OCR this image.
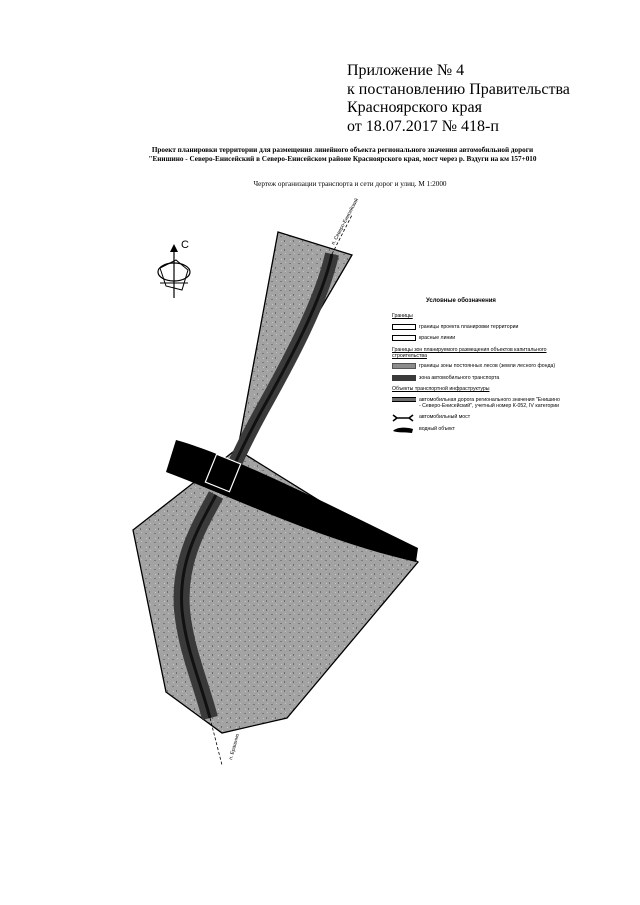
Приложение № 4
к постановлению Правительства
Красноярского края
от 18.07.2017 № 418-п
Проект планировки территории для размещения линейного объекта регионального значения автомобильной дороги
"Енишино - Северо-Енисейский в Северо-Енисейском районе Красноярского края, мост через р. Вздуги на км 157+010
Чертеж организации транспорта и сети дорог и улиц. М 1:2000
п. Северо-Енисейский
п. Ерашино
С
Условные обозначения
Границы
границы проекта планировки территории
красные линии
Границы зон планируемого размещения объектов капитального строительства
границы зоны постоянных лесов (земли лесного фонда)
зона автомобильного транспорта
Объекты транспортной инфраструктуры
автомобильная дорога регионального значения "Енишино - Северо-Енисейский", учетный номер К-052, IV категории
автомобильный мост
водный объект
